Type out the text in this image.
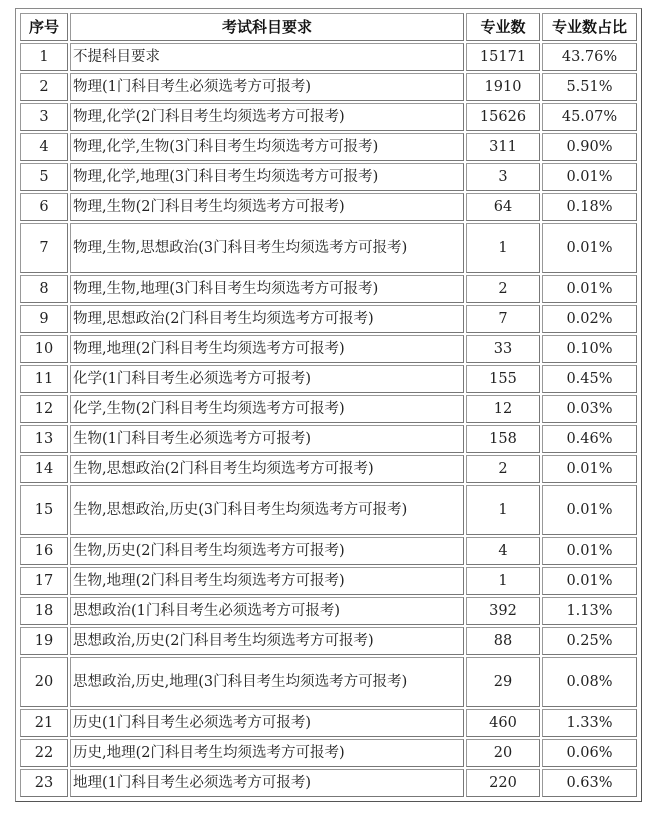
序号	考试科目要求	专业数	专业数占比
1	不提科目要求	15171	43.76%
2	物理(1门科目考生必须选考方可报考)	1910	5.51%
3	物理,化学(2门科目考生均须选考方可报考)	15626	45.07%
4	物理,化学,生物(3门科目考生均须选考方可报考)	311	0.90%
5	物理,化学,地理(3门科目考生均须选考方可报考)	3	0.01%
6	物理,生物(2门科目考生均须选考方可报考)	64	0.18%
7	物理,生物,思想政治(3门科目考生均须选考方可报考)	1	0.01%
8	物理,生物,地理(3门科目考生均须选考方可报考)	2	0.01%
9	物理,思想政治(2门科目考生均须选考方可报考)	7	0.02%
10	物理,地理(2门科目考生均须选考方可报考)	33	0.10%
11	化学(1门科目考生必须选考方可报考)	155	0.45%
12	化学,生物(2门科目考生均须选考方可报考)	12	0.03%
13	生物(1门科目考生必须选考方可报考)	158	0.46%
14	生物,思想政治(2门科目考生均须选考方可报考)	2	0.01%
15	生物,思想政治,历史(3门科目考生均须选考方可报考)	1	0.01%
16	生物,历史(2门科目考生均须选考方可报考)	4	0.01%
17	生物,地理(2门科目考生均须选考方可报考)	1	0.01%
18	思想政治(1门科目考生必须选考方可报考)	392	1.13%
19	思想政治,历史(2门科目考生均须选考方可报考)	88	0.25%
20	思想政治,历史,地理(3门科目考生均须选考方可报考)	29	0.08%
21	历史(1门科目考生必须选考方可报考)	460	1.33%
22	历史,地理(2门科目考生均须选考方可报考)	20	0.06%
23	地理(1门科目考生必须选考方可报考)	220	0.63%
